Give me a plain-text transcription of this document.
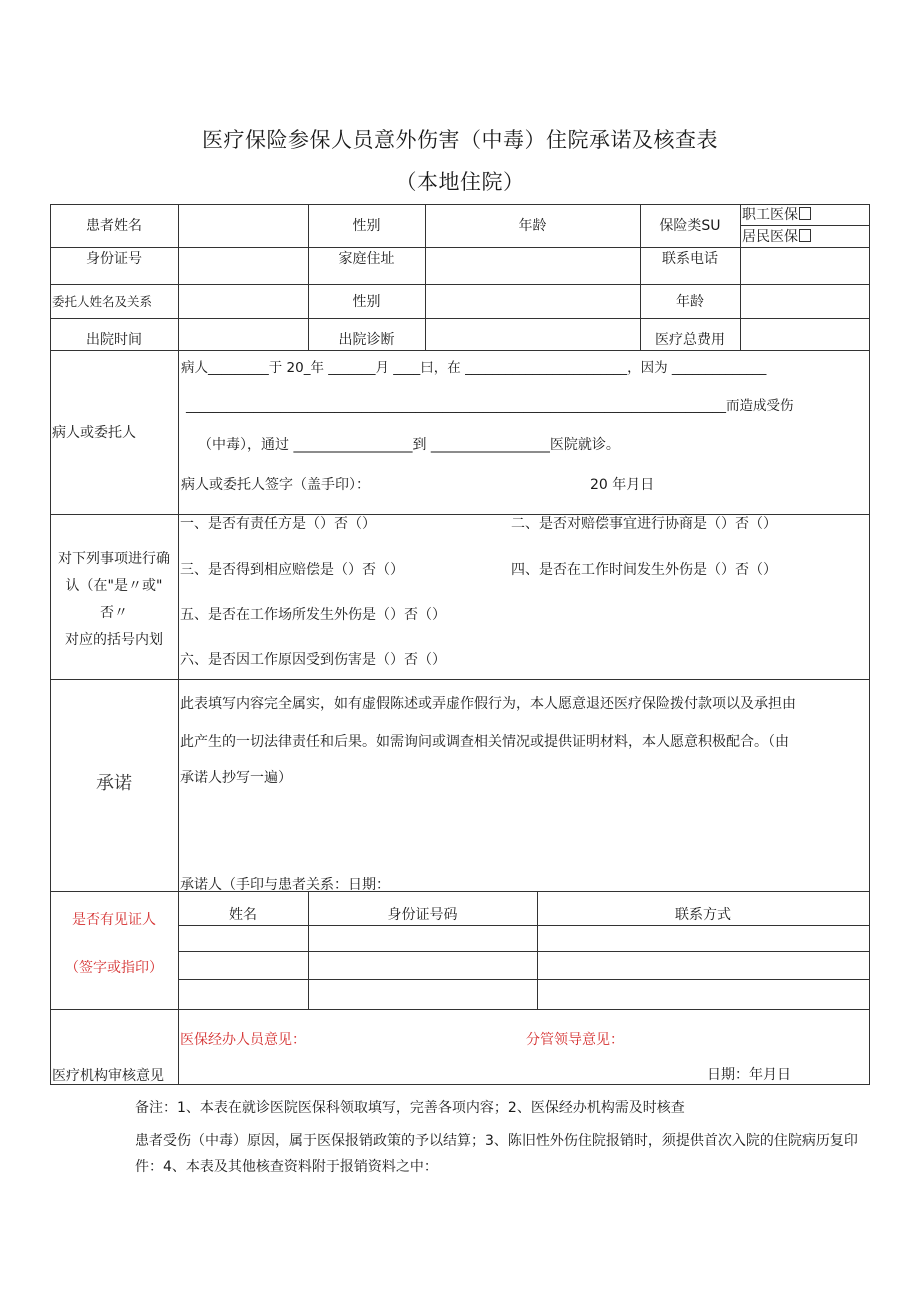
医疗保险参保人员意外伤害（中毒）住院承诺及核查表
（本地住院）
患者姓名	性别	年龄	保险类SU
职工医保
居民医保
身份证号	家庭住址	联系电话
委托人姓名及关系	性别	年龄
出院时间	出院诊断	医疗总费用
病人或委托人
病人_________于 20_年 _______月 ____曰，在 ________________________，因为 ______________
________________________________________________________________________________而造成受伤
（中毒），通过 _________________到 _________________医院就诊。
病人或委托人签字（盖手印）：	20 年月日
对下列事项进行确
认（在"是〃或"
否〃
对应的括号内划
一、是否有责任方是（）否（）	二、是否对赔偿事宜进行协商是（）否（）
三、是否得到相应赔偿是（）否（）	四、是否在工作时间发生外伤是（）否（）
五、是否在工作场所发生外伤是（）否（）
六、是否因工作原因受到伤害是（）否（）
承诺
此表填写内容完全属实，如有虚假陈述或弄虚作假行为，本人愿意退还医疗保险拨付款项以及承担由
此产生的一切法律责任和后果。如需询问或调查相关情况或提供证明材料，本人愿意积极配合。（由
承诺人抄写一遍）
承诺人（手印与患者关系：日期：
是否有见证人
（签字或指印）
姓名	身份证号码	联系方式
医疗机构审核意见
医保经办人员意见：	分管领导意见：
日期：年月日
备注：1、本表在就诊医院医保科领取填写，完善各项内容；2、医保经办机构需及时核查
患者受伤（中毒）原因，属于医保报销政策的予以结算；3、陈旧性外伤住院报销时，须提供首次入院的住院病历复印件：4、本表及其他核查资料附于报销资料之中：
